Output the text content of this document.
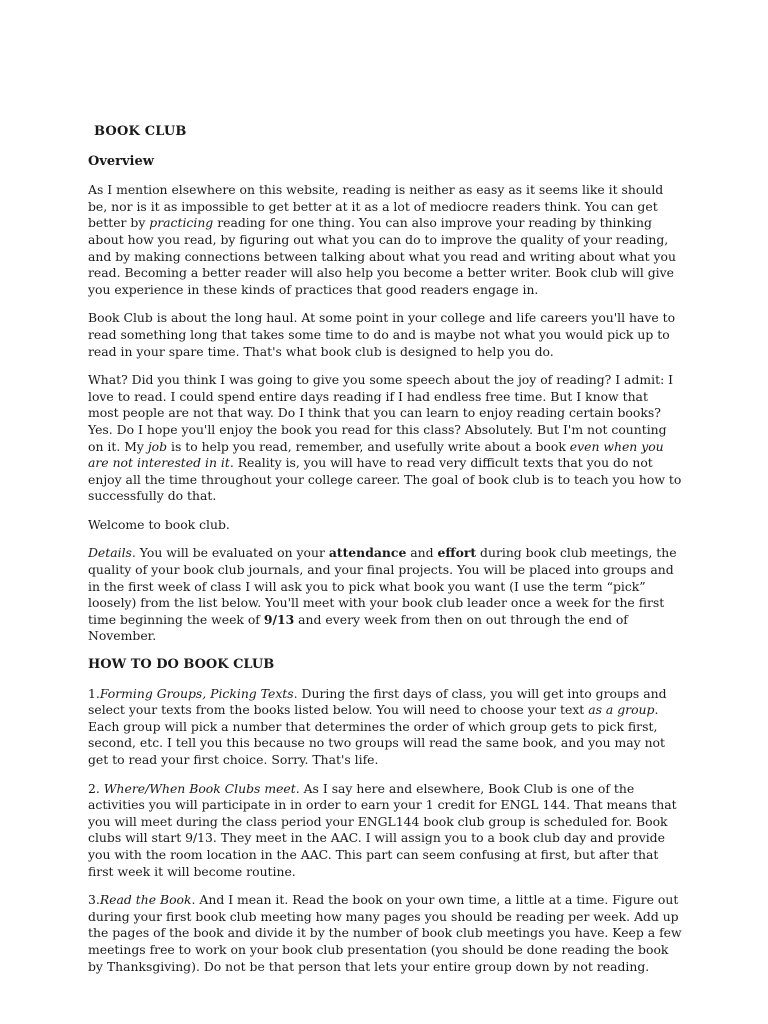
BOOK CLUB
Overview

As I mention elsewhere on this website, reading is neither as easy as it seems like it should be, nor is it as impossible to get better at it as a lot of mediocre readers think. You can get better by practicing reading for one thing. You can also improve your reading by thinking about how you read, by figuring out what you can do to improve the quality of your reading, and by making connections between talking about what you read and writing about what you read. Becoming a better reader will also help you become a better writer. Book club will give you experience in these kinds of practices that good readers engage in.

Book Club is about the long haul. At some point in your college and life careers you'll have to read something long that takes some time to do and is maybe not what you would pick up to read in your spare time. That's what book club is designed to help you do.

What? Did you think I was going to give you some speech about the joy of reading? I admit: I love to read. I could spend entire days reading if I had endless free time. But I know that most people are not that way. Do I think that you can learn to enjoy reading certain books? Yes. Do I hope you'll enjoy the book you read for this class? Absolutely. But I'm not counting on it. My job is to help you read, remember, and usefully write about a book even when you are not interested in it. Reality is, you will have to read very difficult texts that you do not enjoy all the time throughout your college career. The goal of book club is to teach you how to successfully do that.

Welcome to book club.

Details. You will be evaluated on your attendance and effort during book club meetings, the quality of your book club journals, and your final projects. You will be placed into groups and in the first week of class I will ask you to pick what book you want (I use the term “pick” loosely) from the list below. You'll meet with your book club leader once a week for the first time beginning the week of 9/13 and every week from then on out through the end of November.

HOW TO DO BOOK CLUB

1.Forming Groups, Picking Texts. During the first days of class, you will get into groups and select your texts from the books listed below. You will need to choose your text as a group. Each group will pick a number that determines the order of which group gets to pick first, second, etc. I tell you this because no two groups will read the same book, and you may not get to read your first choice. Sorry. That's life.

2. Where/When Book Clubs meet. As I say here and elsewhere, Book Club is one of the activities you will participate in in order to earn your 1 credit for ENGL 144. That means that you will meet during the class period your ENGL144 book club group is scheduled for. Book clubs will start 9/13. They meet in the AAC. I will assign you to a book club day and provide you with the room location in the AAC. This part can seem confusing at first, but after that first week it will become routine.

3.Read the Book. And I mean it. Read the book on your own time, a little at a time. Figure out during your first book club meeting how many pages you should be reading per week. Add up the pages of the book and divide it by the number of book club meetings you have. Keep a few meetings free to work on your book club presentation (you should be done reading the book by Thanksgiving). Do not be that person that lets your entire group down by not reading.
